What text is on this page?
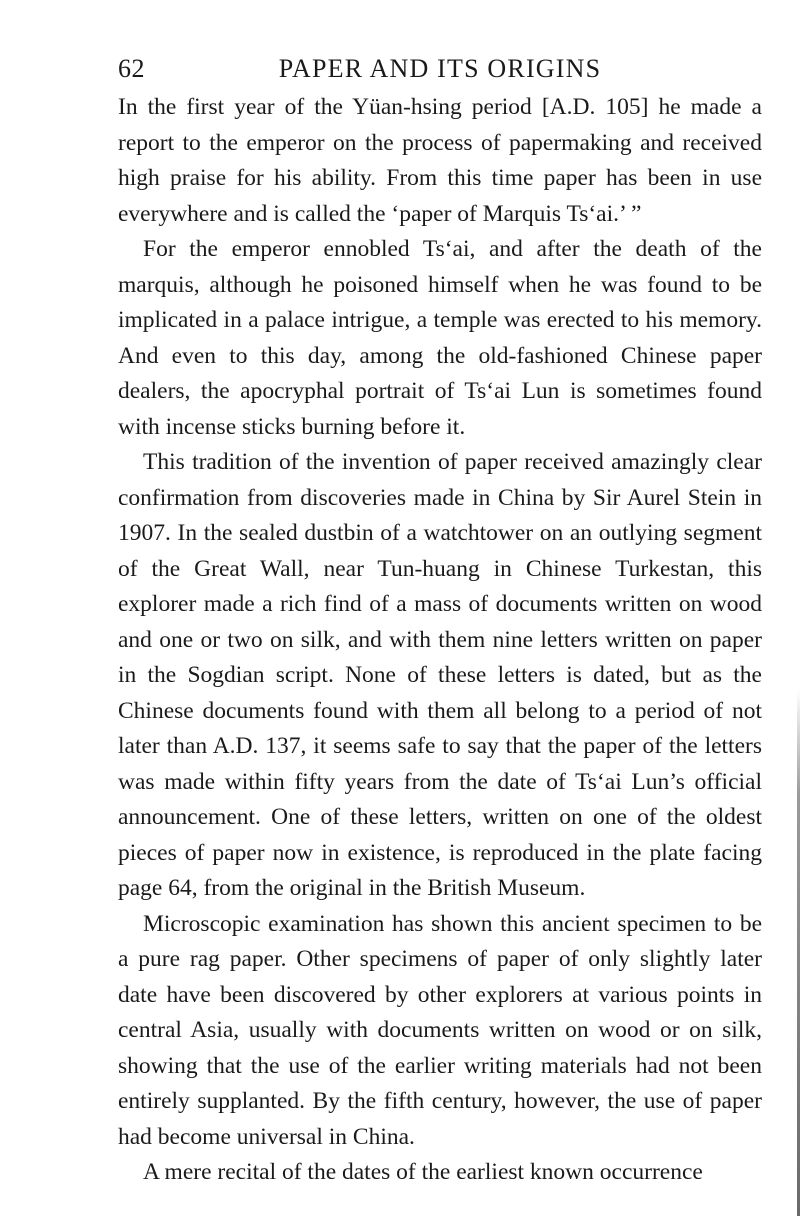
62	PAPER AND ITS ORIGINS

In the first year of the Yüan-hsing period [A.D. 105] he made a report to the emperor on the process of papermaking and received high praise for his ability. From this time paper has been in use everywhere and is called the ‘paper of Marquis Tsʻai.’ ”

For the emperor ennobled Tsʻai, and after the death of the marquis, although he poisoned himself when he was found to be implicated in a palace intrigue, a temple was erected to his memory. And even to this day, among the old-fashioned Chinese paper dealers, the apocryphal portrait of Tsʻai Lun is sometimes found with incense sticks burning before it.

This tradition of the invention of paper received amazingly clear confirmation from discoveries made in China by Sir Aurel Stein in 1907. In the sealed dustbin of a watchtower on an outlying segment of the Great Wall, near Tun-huang in Chinese Turkestan, this explorer made a rich find of a mass of documents written on wood and one or two on silk, and with them nine letters written on paper in the Sogdian script. None of these letters is dated, but as the Chinese documents found with them all belong to a period of not later than A.D. 137, it seems safe to say that the paper of the letters was made within fifty years from the date of Tsʻai Lun’s official announcement. One of these letters, written on one of the oldest pieces of paper now in existence, is reproduced in the plate facing page 64, from the original in the British Museum.

Microscopic examination has shown this ancient specimen to be a pure rag paper. Other specimens of paper of only slightly later date have been discovered by other explorers at various points in central Asia, usually with documents written on wood or on silk, showing that the use of the earlier writing materials had not been entirely supplanted. By the fifth century, however, the use of paper had become universal in China.

A mere recital of the dates of the earliest known occurrence
